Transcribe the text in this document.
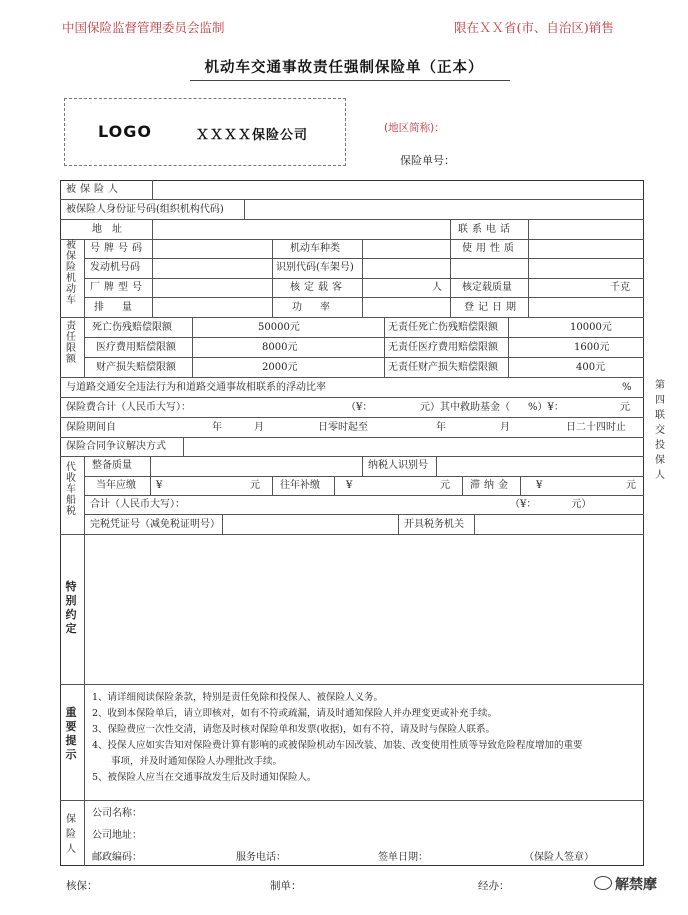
中国保险监督管理委员会监制	限在ＸＸ省(市、自治区)销售
机动车交通事故责任强制保险单（正本）
LOGO	ＸＸＸＸ保险公司	(地区简称)：
保险单号：
被保险人
被保险人身份证号码(组织机构代码)
地　址	联系电话
被保险机动车
号牌号码	机动车种类	使用性质
发动机号码	识别代码(车架号)
厂牌型号	核定载客	人 核定载质量	千克
排　量	功　率	登记日期
责任限额
死亡伤残赔偿限额	50000元	无责任死亡伤残赔偿限额	10000元
医疗费用赔偿限额	8000元	无责任医疗费用赔偿限额	1600元
财产损失赔偿限额	2000元	无责任财产损失赔偿限额	400元
与道路交通安全违法行为和道路交通事故相联系的浮动比率	%
保险费合计（人民币大写）：	（¥：	元）其中救助基金（ %）¥：	元
保险期间自	年	月	日零时起至	年	月	日二十四时止
保险合同争议解决方式
代收车船税
整备质量	纳税人识别号
当年应缴 ¥	元 往年补缴	¥	元 滞纳金 ¥	元
合计（人民币大写）：	（¥：　　　　元）
完税凭证号（减免税证明号）	开具税务机关
特别约定
重要提示
1、请详细阅读保险条款，特别是责任免除和投保人、被保险人义务。
2、收到本保险单后，请立即核对，如有不符或疏漏，请及时通知保险人并办理变更或补充手续。
3、保险费应一次性交清，请您及时核对保险单和发票(收据)，如有不符，请及时与保险人联系。
4、投保人应如实告知对保险费计算有影响的或被保险机动车因改装、加装、改变使用性质等导致危险程度增加的重要
　　事项，并及时通知保险人办理批改手续。
5、被保险人应当在交通事故发生后及时通知保险人。
保险人
公司名称：
公司地址：
邮政编码：	服务电话：	签单日期：	（保险人签章）
第四联　交投保人
核保：	制单：	经办：	解禁摩
